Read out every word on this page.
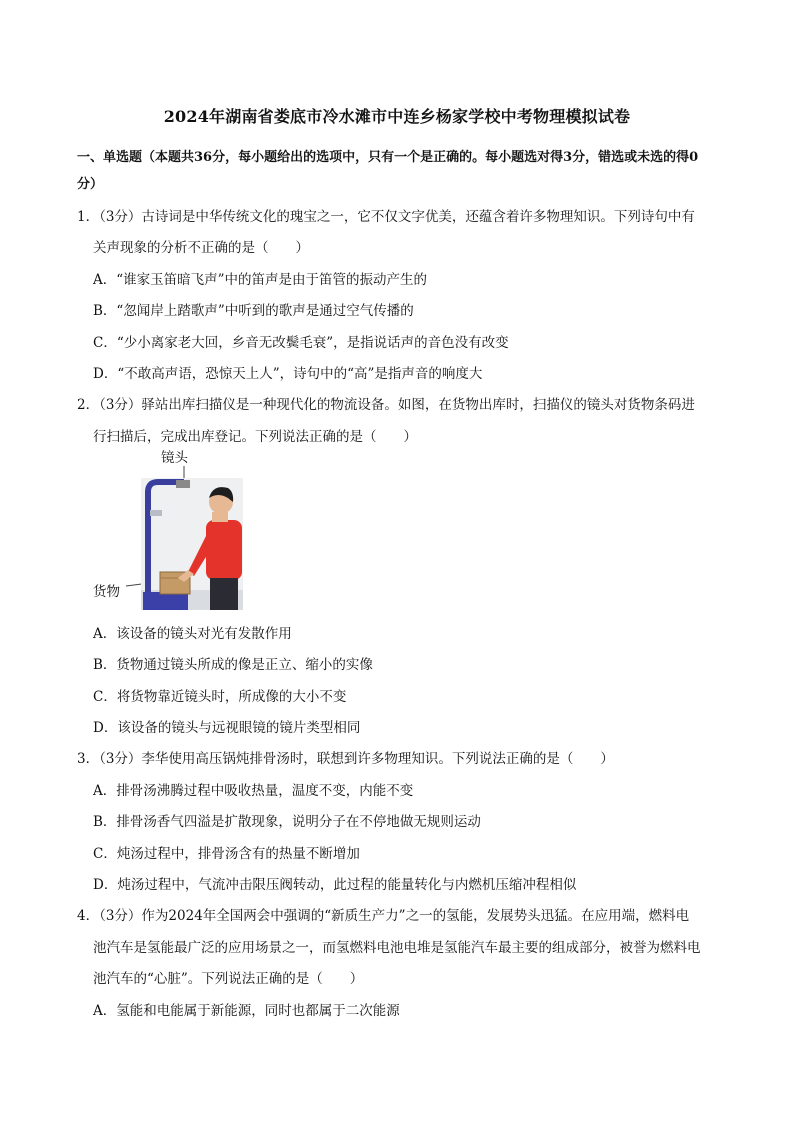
2024年湖南省娄底市冷水滩市中连乡杨家学校中考物理模拟试卷
一、单选题（本题共36分，每小题给出的选项中，只有一个是正确的。每小题选对得3分，错选或未选的得0分）
1．（3分）古诗词是中华传统文化的瑰宝之一，它不仅文字优美，还蕴含着许多物理知识。下列诗句中有
关声现象的分析不正确的是（　　）
A．“谁家玉笛暗飞声”中的笛声是由于笛管的振动产生的
B．“忽闻岸上踏歌声”中听到的歌声是通过空气传播的
C．“少小离家老大回，乡音无改鬓毛衰”，是指说话声的音色没有改变
D．“不敢高声语，恐惊天上人”，诗句中的“高”是指声音的响度大
2．（3分）驿站出库扫描仪是一种现代化的物流设备。如图，在货物出库时，扫描仪的镜头对货物条码进
行扫描后，完成出库登记。下列说法正确的是（　　）
镜头
货物
A．该设备的镜头对光有发散作用
B．货物通过镜头所成的像是正立、缩小的实像
C．将货物靠近镜头时，所成像的大小不变
D．该设备的镜头与远视眼镜的镜片类型相同
3．（3分）李华使用高压锅炖排骨汤时，联想到许多物理知识。下列说法正确的是（　　）
A．排骨汤沸腾过程中吸收热量，温度不变，内能不变
B．排骨汤香气四溢是扩散现象，说明分子在不停地做无规则运动
C．炖汤过程中，排骨汤含有的热量不断增加
D．炖汤过程中，气流冲击限压阀转动，此过程的能量转化与内燃机压缩冲程相似
4．（3分）作为2024年全国两会中强调的“新质生产力”之一的氢能，发展势头迅猛。在应用端，燃料电
池汽车是氢能最广泛的应用场景之一，而氢燃料电池电堆是氢能汽车最主要的组成部分，被誉为燃料电
池汽车的“心脏”。下列说法正确的是（　　）
A．氢能和电能属于新能源，同时也都属于二次能源
